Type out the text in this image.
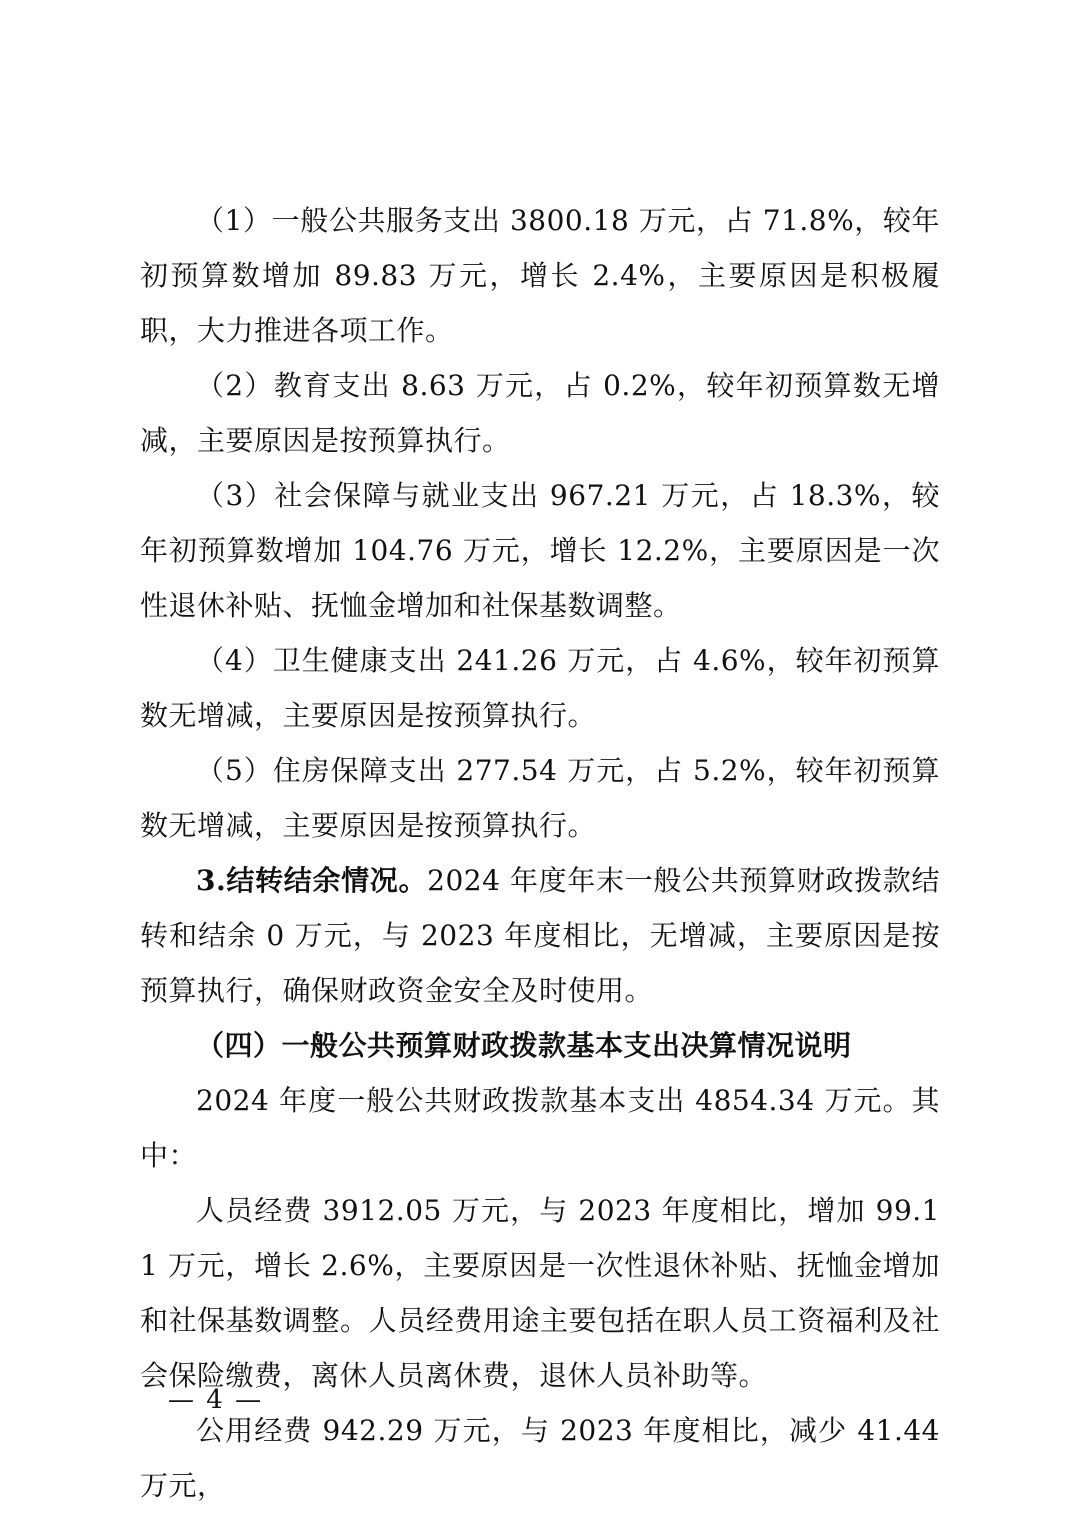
（1）一般公共服务支出 3800.18 万元，占 71.8%，较年初预算数增加 89.83 万元，增长 2.4%，主要原因是积极履职，大力推进各项工作。

（2）教育支出 8.63 万元，占 0.2%，较年初预算数无增减，主要原因是按预算执行。

（3）社会保障与就业支出 967.21 万元，占 18.3%，较年初预算数增加 104.76 万元，增长 12.2%，主要原因是一次性退休补贴、抚恤金增加和社保基数调整。

（4）卫生健康支出 241.26 万元，占 4.6%，较年初预算数无增减，主要原因是按预算执行。

（5）住房保障支出 277.54 万元，占 5.2%，较年初预算数无增减，主要原因是按预算执行。

3.结转结余情况。2024 年度年末一般公共预算财政拨款结转和结余 0 万元，与 2023 年度相比，无增减，主要原因是按预算执行，确保财政资金安全及时使用。

（四）一般公共预算财政拨款基本支出决算情况说明

2024 年度一般公共财政拨款基本支出 4854.34 万元。其中：

人员经费 3912.05 万元，与 2023 年度相比，增加 99.11 万元，增长 2.6%，主要原因是一次性退休补贴、抚恤金增加和社保基数调整。人员经费用途主要包括在职人员工资福利及社会保险缴费，离休人员离休费，退休人员补助等。

公用经费 942.29 万元，与 2023 年度相比，减少 41.44 万元，

— 4 —
